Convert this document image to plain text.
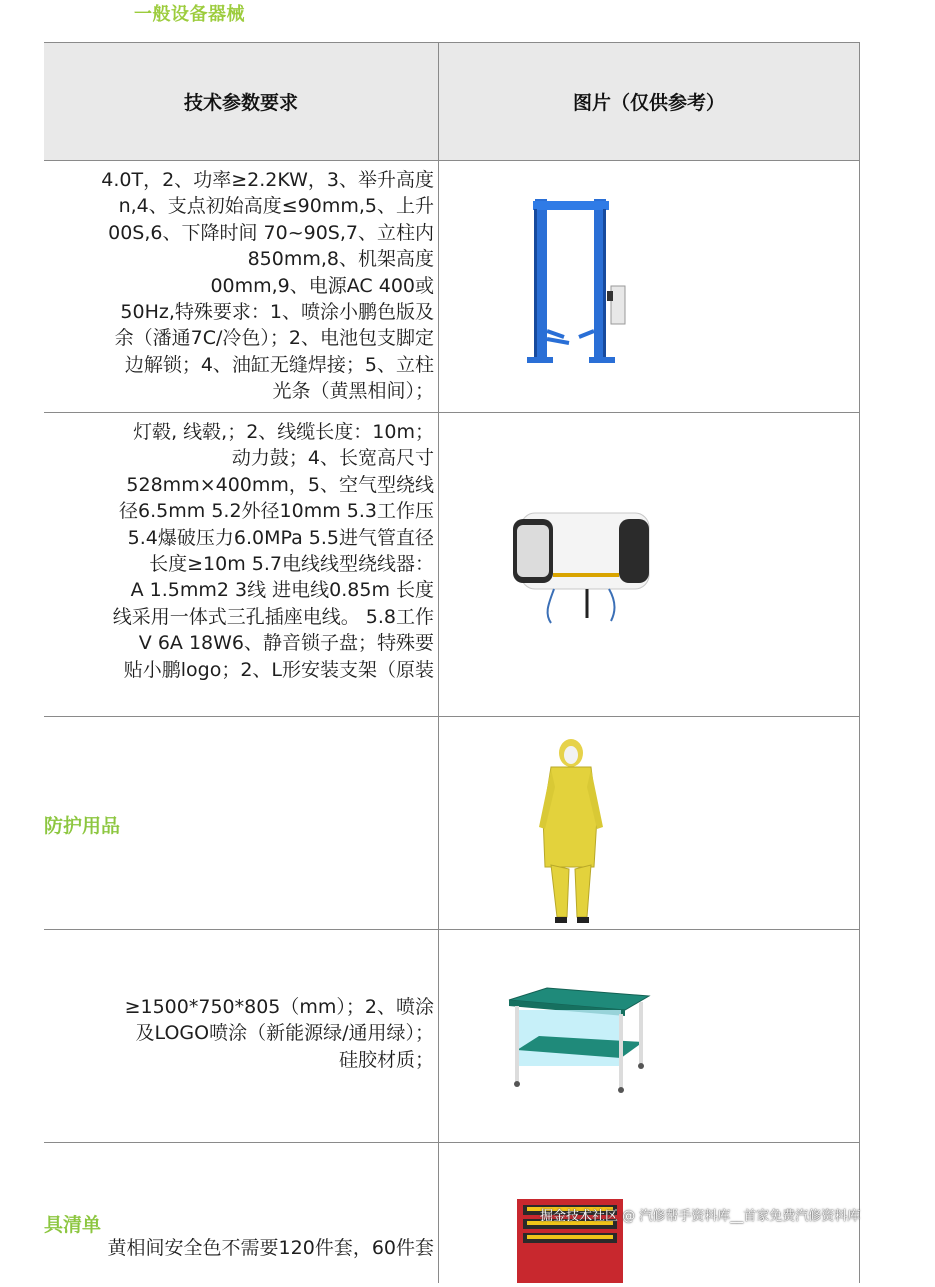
一般设备器械
技术参数要求	图片（仅供参考）
4.0T，2、功率≥2.2KW，3、举升高度
n,4、支点初始高度≤90mm,5、上升
00S,6、下降时间 70~90S,7、立柱内
850mm,8、机架高度
00mm,9、电源AC 400或
50Hz,特殊要求：1、喷涂小鹏色版及
余（潘通7C/冷色）；2、电池包支脚定
边解锁；4、油缸无缝焊接；5、立柱
光条（黄黑相间）；
灯毂, 线毂,；2、线缆长度：10m；
动力鼓；4、长宽高尺寸
528mm×400mm，5、空气型绕线
径6.5mm 5.2外径10mm 5.3工作压
5.4爆破压力6.0MPa 5.5进气管直径
长度≥10m 5.7电线线型绕线器：
A 1.5mm2 3线 进电线0.85m 长度
线采用一体式三孔插座电线。 5.8工作
V 6A 18W6、静音锁子盘；特殊要
贴小鹏logo；2、L形安装支架（原装
防护用品
≥1500*750*805（mm）；2、喷涂
及LOGO喷涂（新能源绿/通用绿）；
硅胶材质；
具清单
黄相间安全色不需要120件套，60件套
掘金技术社区 @ 汽修帮手资料库__首家免费汽修资料库
